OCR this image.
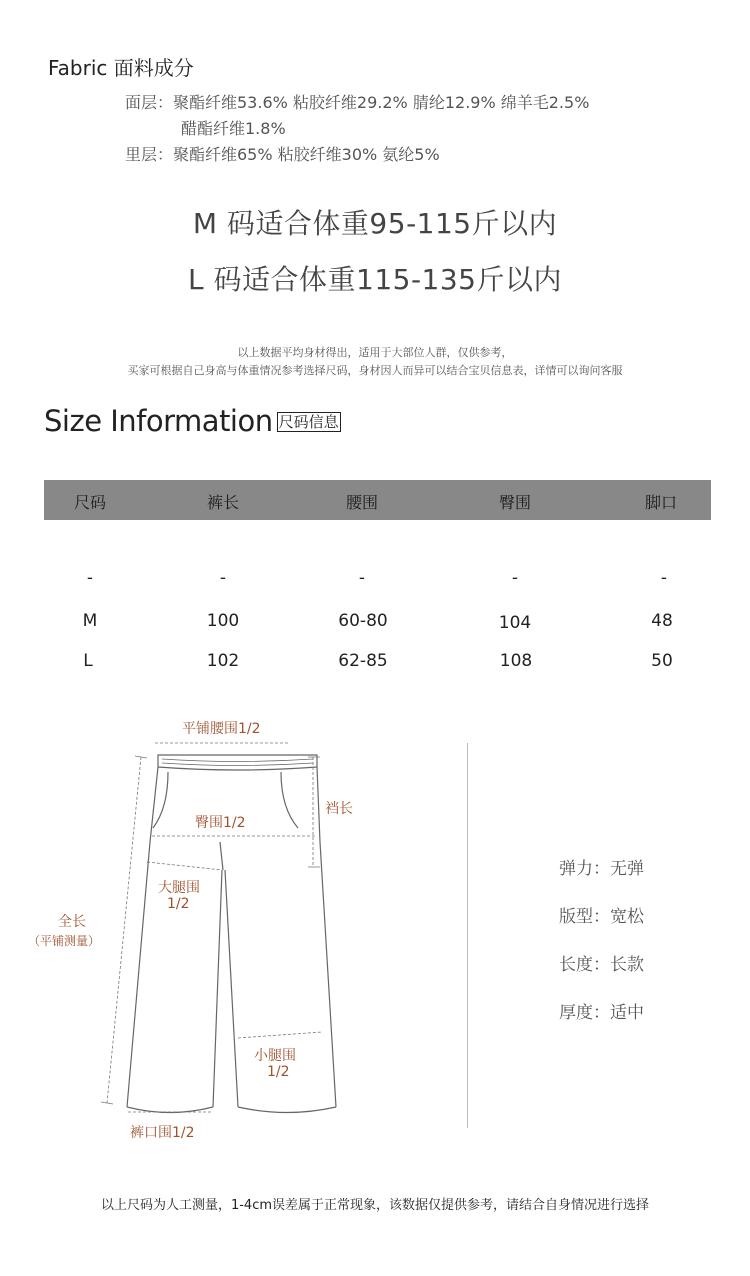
Fabric 面料成分
面层：聚酯纤维53.6% 粘胶纤维29.2% 腈纶12.9% 绵羊毛2.5%
醋酯纤维1.8%
里层：聚酯纤维65% 粘胶纤维30% 氨纶5%
M 码适合体重95-115斤以内
L 码适合体重115-135斤以内
以上数据平均身材得出，适用于大部位人群，仅供参考，
买家可根据自己身高与体重情况参考选择尺码，身材因人而异可以结合宝贝信息表，详情可以询问客服
Size Information 尺码信息
尺码	裤长	腰围	臀围	脚口
-	-	-	-	-
M	100	60-80	104	48
L	102	62-85	108	50
平铺腰围1/2
裆长
臀围1/2
大腿围
1/2
全长
（平铺测量）
小腿围
1/2
裤口围1/2
弹力：无弹
版型：宽松
长度：长款
厚度：适中
以上尺码为人工测量，1-4cm误差属于正常现象，该数据仅提供参考，请结合自身情况进行选择
